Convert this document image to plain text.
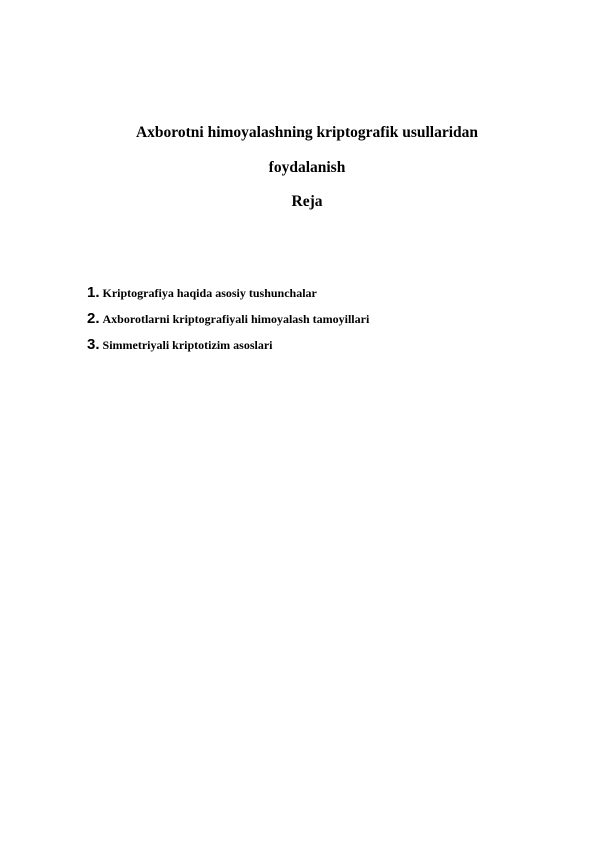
Axborotni himoyalashning kriptografik usullaridan
foydalanish
Reja
1. Kriptografiya haqida asosiy tushunchalar
2. Axborotlarni kriptografiyali himoyalash tamoyillari
3. Simmetriyali kriptotizim asoslari
